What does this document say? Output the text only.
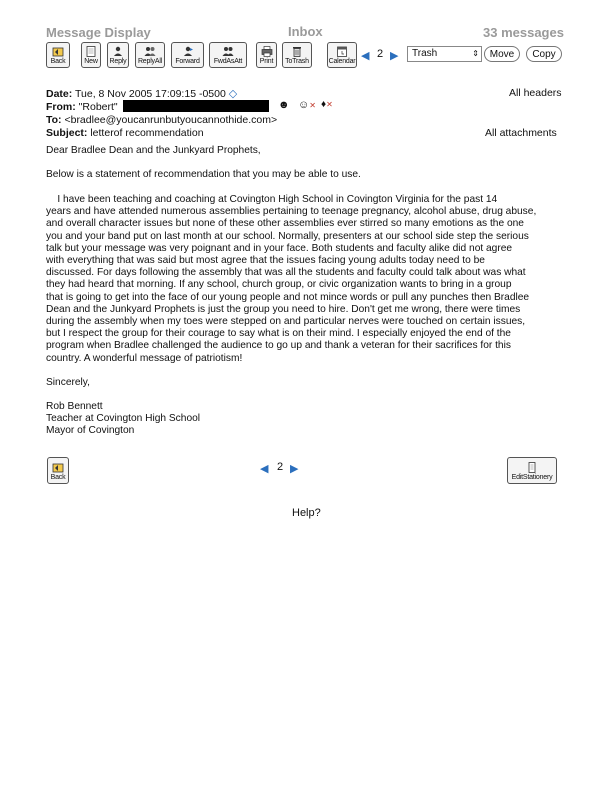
Message Display	Inbox	33 messages
Back	New Reply ReplyAll Forward FwdAsAtt	Print ToTrash	Calendar ◀ 2 ▶	Trash	⇕	Move	Copy
Date: Tue, 8 Nov 2005 17:09:15 -0500 ◇	All headers
From: "Robert"	☻ ☺✕ ♦✕
To: <bradlee@youcanrunbutyoucannothide.com>
Subject: letterof recommendation	All attachments
Dear Bradlee Dean and the Junkyard Prophets,
Below is a statement of recommendation that you may be able to use.
I have been teaching and coaching at Covington High School in Covington Virginia for the past 14
years and have attended numerous assemblies pertaining to teenage pregnancy, alcohol abuse, drug abuse,
and overall character issues but none of these other assemblies ever stirred so many emotions as the one
you and your band put on last month at our school. Normally, presenters at our school side step the serious
talk but your message was very poignant and in your face. Both students and faculty alike did not agree
with everything that was said but most agree that the issues facing young adults today need to be
discussed. For days following the assembly that was all the students and faculty could talk about was what
they had heard that morning. If any school, church group, or civic organization wants to bring in a group
that is going to get into the face of our young people and not mince words or pull any punches then Bradlee
Dean and the Junkyard Prophets is just the group you need to hire. Don't get me wrong, there were times
during the assembly when my toes were stepped on and particular nerves were touched on certain issues,
but I respect the group for their courage to say what is on their mind. I especially enjoyed the end of the
program when Bradlee challenged the audience to go up and thank a veteran for their sacrifices for this
country. A wonderful message of patriotism!
Sincerely,
Rob Bennett
Teacher at Covington High School
Mayor of Covington
Back
◀ 2 ▶
EditStationery
Help?
